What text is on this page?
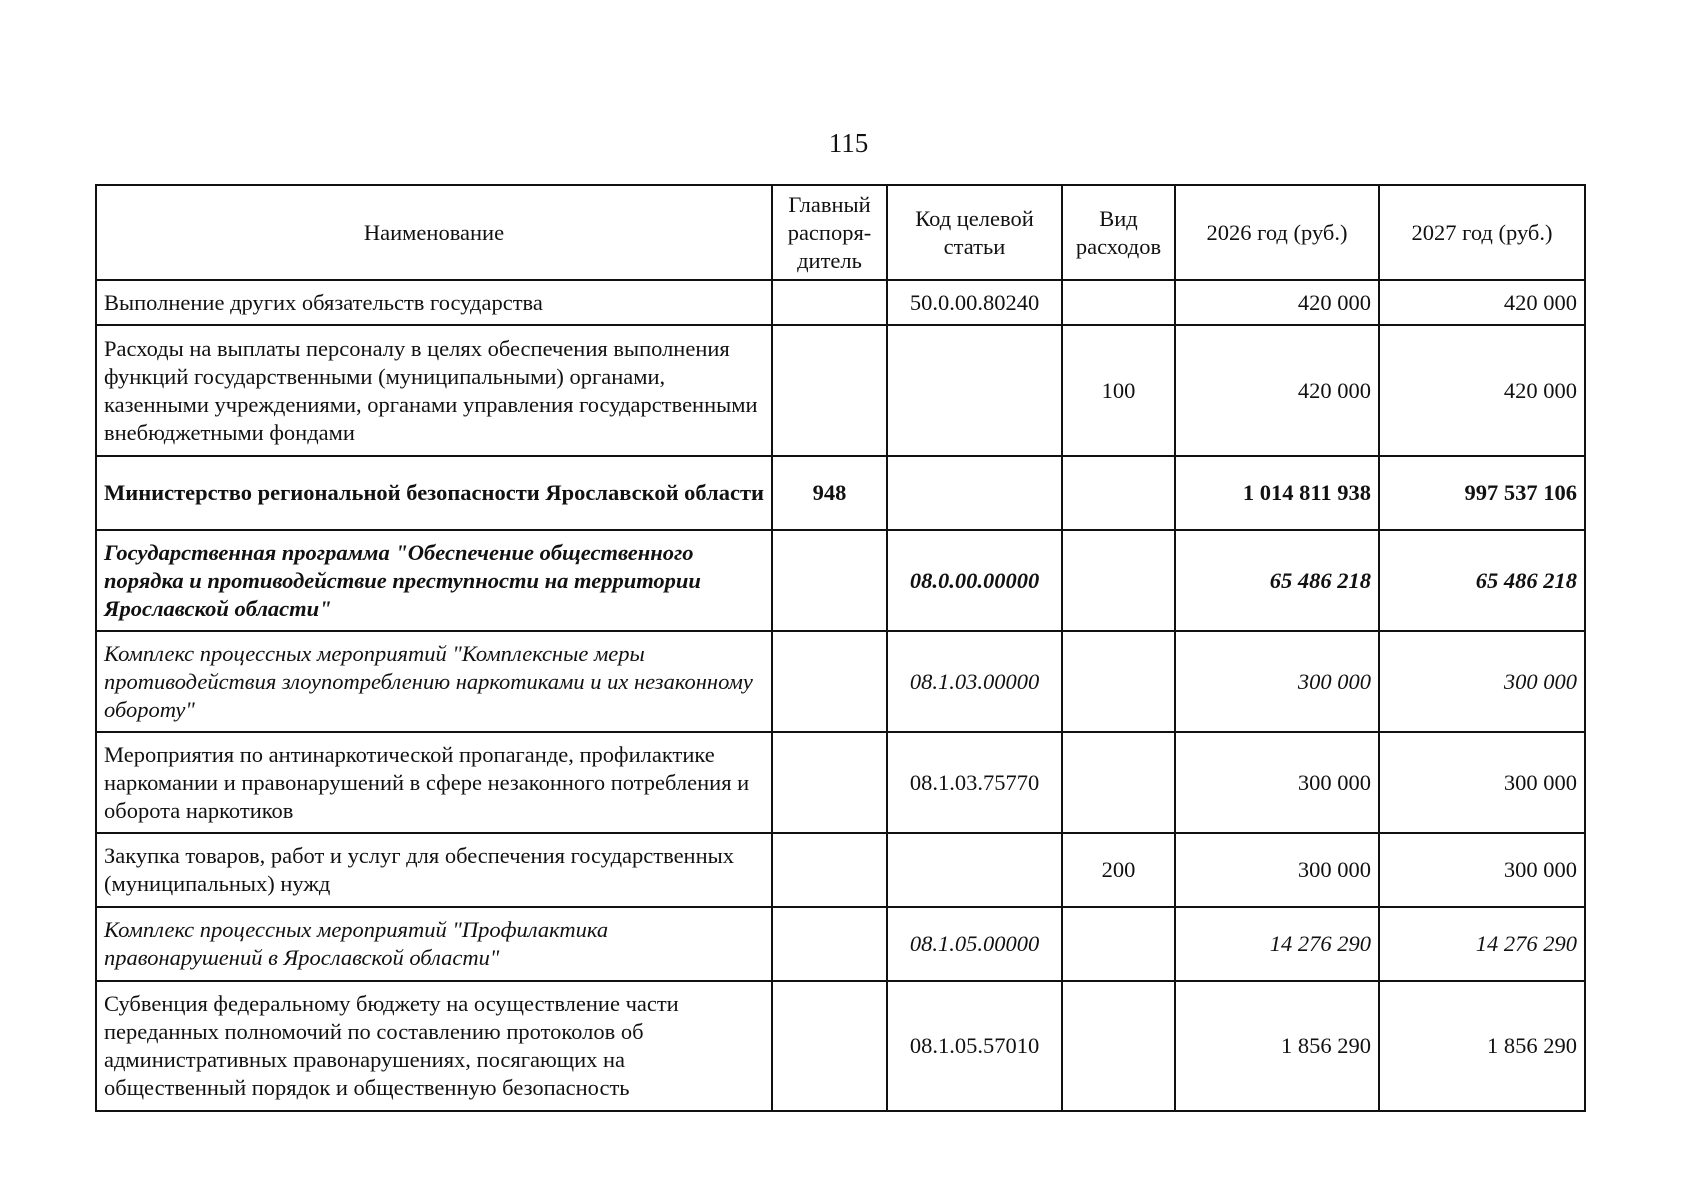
115
Наименование	Главный распоря-дитель	Код целевой статьи	Вид расходов	2026 год (руб.)	2027 год (руб.)
Выполнение других обязательств государства		50.0.00.80240		420 000	420 000
Расходы на выплаты персоналу в целях обеспечения выполнения функций государственными (муниципальными) органами, казенными учреждениями, органами управления государственными внебюджетными фондами			100	420 000	420 000
Министерство региональной безопасности Ярославской области	948			1 014 811 938	997 537 106
Государственная программа "Обеспечение общественного порядка и противодействие преступности на территории Ярославской области"		08.0.00.00000		65 486 218	65 486 218
Комплекс процессных мероприятий "Комплексные меры противодействия злоупотреблению наркотиками и их незаконному обороту"		08.1.03.00000		300 000	300 000
Мероприятия по антинаркотической пропаганде, профилактике наркомании и правонарушений в сфере незаконного потребления и оборота наркотиков		08.1.03.75770		300 000	300 000
Закупка товаров, работ и услуг для обеспечения государственных (муниципальных) нужд			200	300 000	300 000
Комплекс процессных мероприятий "Профилактика правонарушений в Ярославской области"		08.1.05.00000		14 276 290	14 276 290
Субвенция федеральному бюджету на осуществление части переданных полномочий по составлению протоколов об административных правонарушениях, посягающих на общественный порядок и общественную безопасность		08.1.05.57010		1 856 290	1 856 290
